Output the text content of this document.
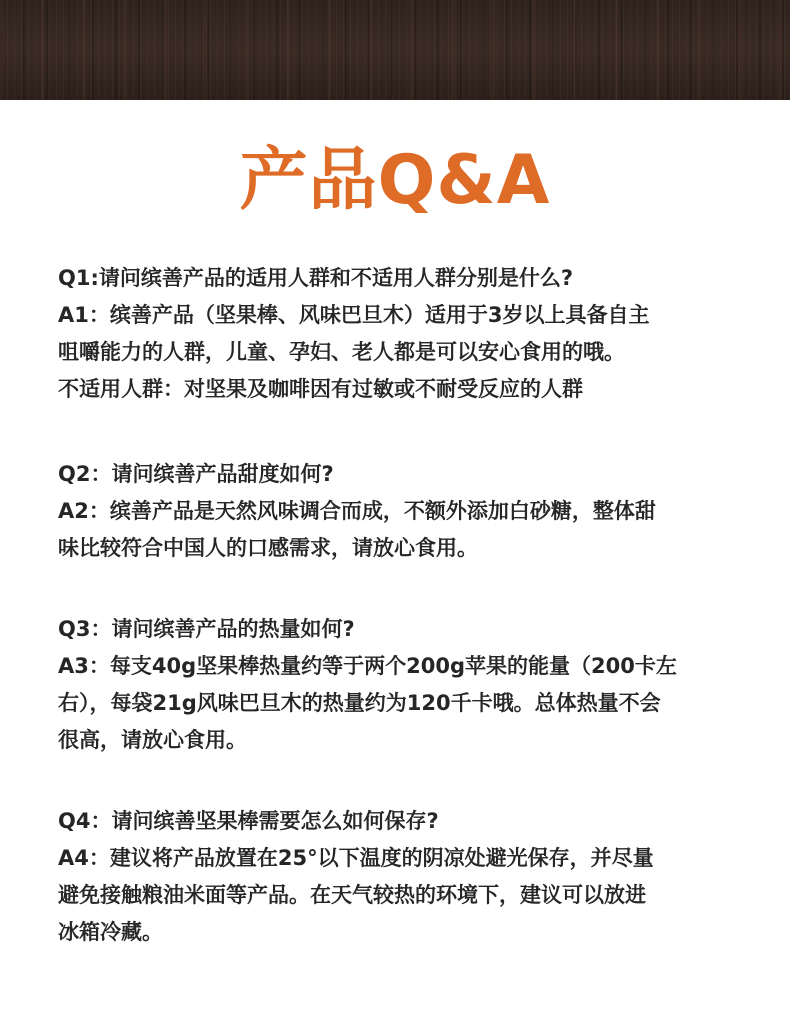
产品Q&A

Q1:请问缤善产品的适用人群和不适用人群分别是什么?

A1：缤善产品（坚果棒、风味巴旦木）适用于3岁以上具备自主

咀嚼能力的人群，儿童、孕妇、老人都是可以安心食用的哦。

不适用人群：对坚果及咖啡因有过敏或不耐受反应的人群

Q2：请问缤善产品甜度如何?

A2：缤善产品是天然风味调合而成，不额外添加白砂糖，整体甜

味比较符合中国人的口感需求，请放心食用。

Q3：请问缤善产品的热量如何?

A3：每支40g坚果棒热量约等于两个200g苹果的能量（200卡左

右），每袋21g风味巴旦木的热量约为120千卡哦。总体热量不会

很高，请放心食用。

Q4：请问缤善坚果棒需要怎么如何保存?

A4：建议将产品放置在25°以下温度的阴凉处避光保存，并尽量

避免接触粮油米面等产品。在天气较热的环境下，建议可以放进

冰箱冷藏。
